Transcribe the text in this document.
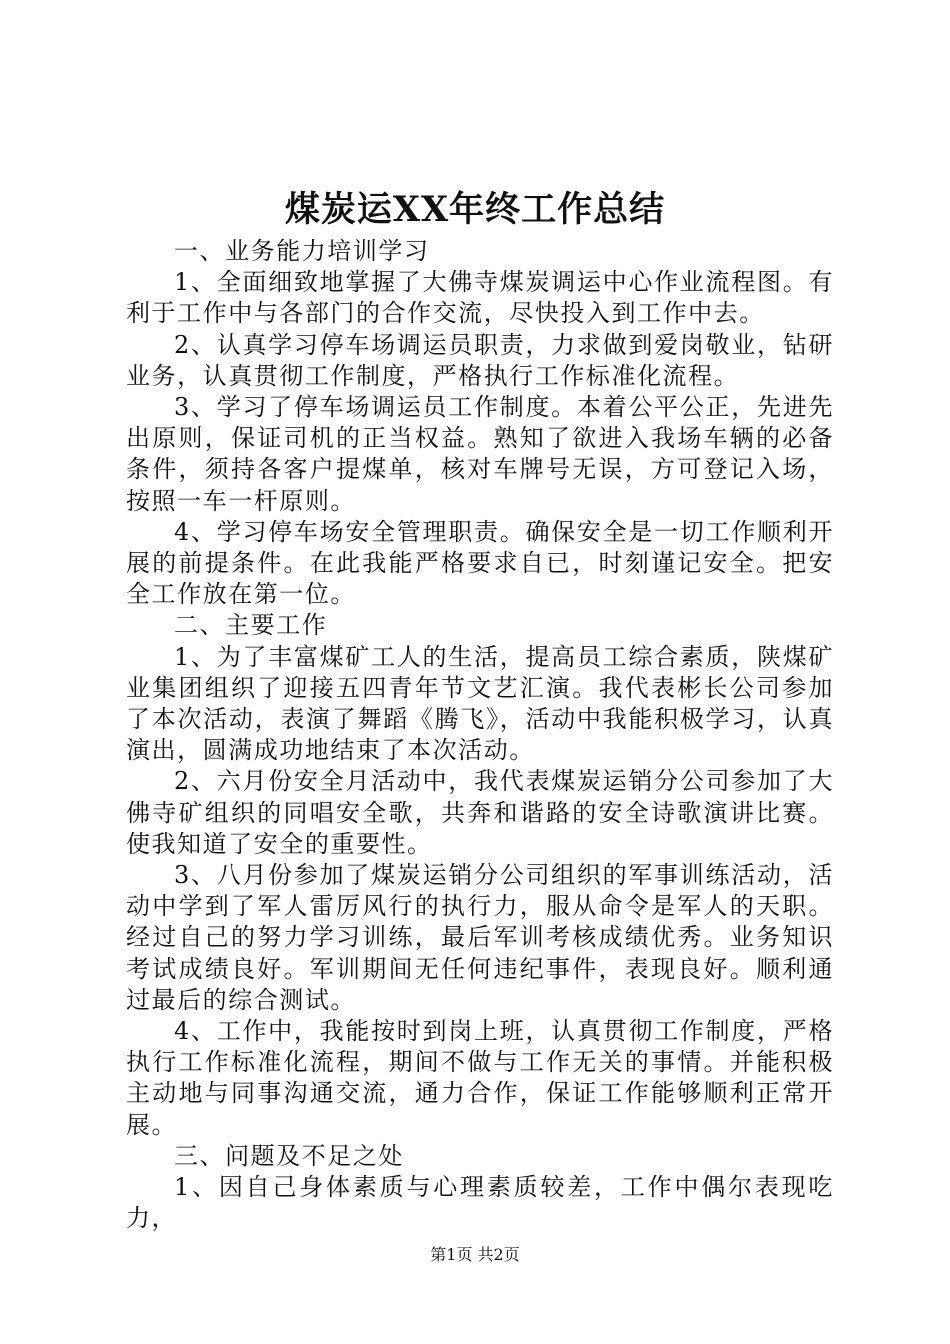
煤炭运XX年终工作总结

一、业务能力培训学习

1、全面细致地掌握了大佛寺煤炭调运中心作业流程图。有利于工作中与各部门的合作交流，尽快投入到工作中去。

2、认真学习停车场调运员职责，力求做到爱岗敬业，钻研业务，认真贯彻工作制度，严格执行工作标准化流程。

3、学习了停车场调运员工作制度。本着公平公正，先进先出原则，保证司机的正当权益。熟知了欲进入我场车辆的必备条件，须持各客户提煤单，核对车牌号无误，方可登记入场，按照一车一杆原则。

4、学习停车场安全管理职责。确保安全是一切工作顺利开展的前提条件。在此我能严格要求自已，时刻谨记安全。把安全工作放在第一位。

二、主要工作

1、为了丰富煤矿工人的生活，提高员工综合素质，陕煤矿业集团组织了迎接五四青年节文艺汇演。我代表彬长公司参加了本次活动，表演了舞蹈《腾飞》，活动中我能积极学习，认真演出，圆满成功地结束了本次活动。

2、六月份安全月活动中，我代表煤炭运销分公司参加了大佛寺矿组织的同唱安全歌，共奔和谐路的安全诗歌演讲比赛。使我知道了安全的重要性。

3、八月份参加了煤炭运销分公司组织的军事训练活动，活动中学到了军人雷厉风行的执行力，服从命令是军人的天职。经过自己的努力学习训练，最后军训考核成绩优秀。业务知识考试成绩良好。军训期间无任何违纪事件，表现良好。顺利通过最后的综合测试。

4、工作中，我能按时到岗上班，认真贯彻工作制度，严格执行工作标准化流程，期间不做与工作无关的事情。并能积极主动地与同事沟通交流，通力合作，保证工作能够顺利正常开展。

三、问题及不足之处

1、因自己身体素质与心理素质较差，工作中偶尔表现吃力，

第1页 共2页
